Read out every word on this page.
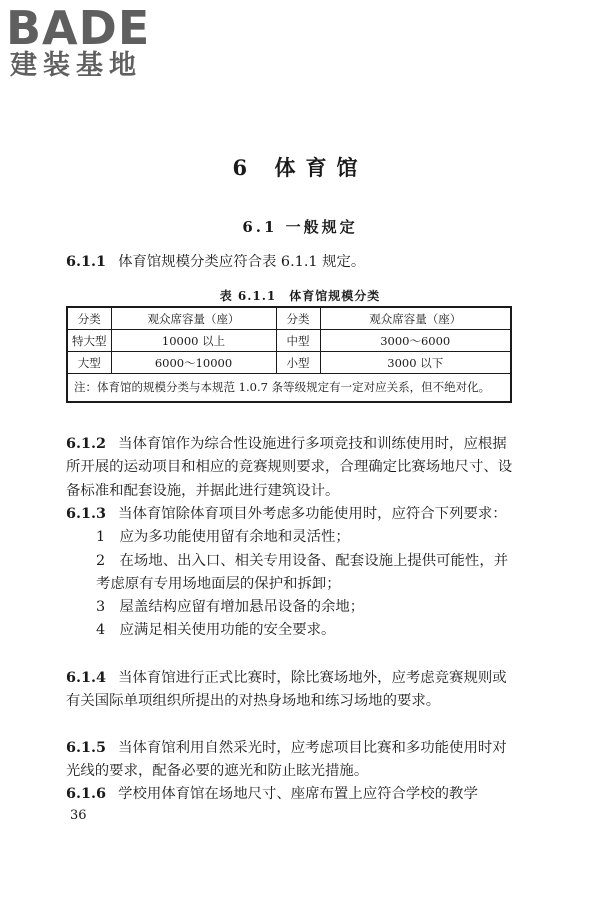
BADE
建装基地
6 体育馆
6.1 一般规定
6.1.1 体育馆规模分类应符合表 6.1.1 规定。
表 6.1.1　体育馆规模分类
分类	观众席容量（座）	分类	观众席容量（座）
特大型	10000 以上	中型	3000～6000
大型	6000～10000	小型	3000 以下
注：体育馆的规模分类与本规范 1.0.7 条等级规定有一定对应关系，但不绝对化。			
6.1.2 当体育馆作为综合性设施进行多项竞技和训练使用时，应根据所开展的运动项目和相应的竞赛规则要求，合理确定比赛场地尺寸、设备标准和配套设施，并据此进行建筑设计。
6.1.3 当体育馆除体育项目外考虑多功能使用时，应符合下列要求：
1　应为多功能使用留有余地和灵活性；
2　在场地、出入口、相关专用设备、配套设施上提供可能性，并考虑原有专用场地面层的保护和拆卸；
3　屋盖结构应留有增加悬吊设备的余地；
4　应满足相关使用功能的安全要求。
6.1.4 当体育馆进行正式比赛时，除比赛场地外，应考虑竞赛规则或有关国际单项组织所提出的对热身场地和练习场地的要求。
6.1.5 当体育馆利用自然采光时，应考虑项目比赛和多功能使用时对光线的要求，配备必要的遮光和防止眩光措施。
6.1.6 学校用体育馆在场地尺寸、座席布置上应符合学校的教学
36
